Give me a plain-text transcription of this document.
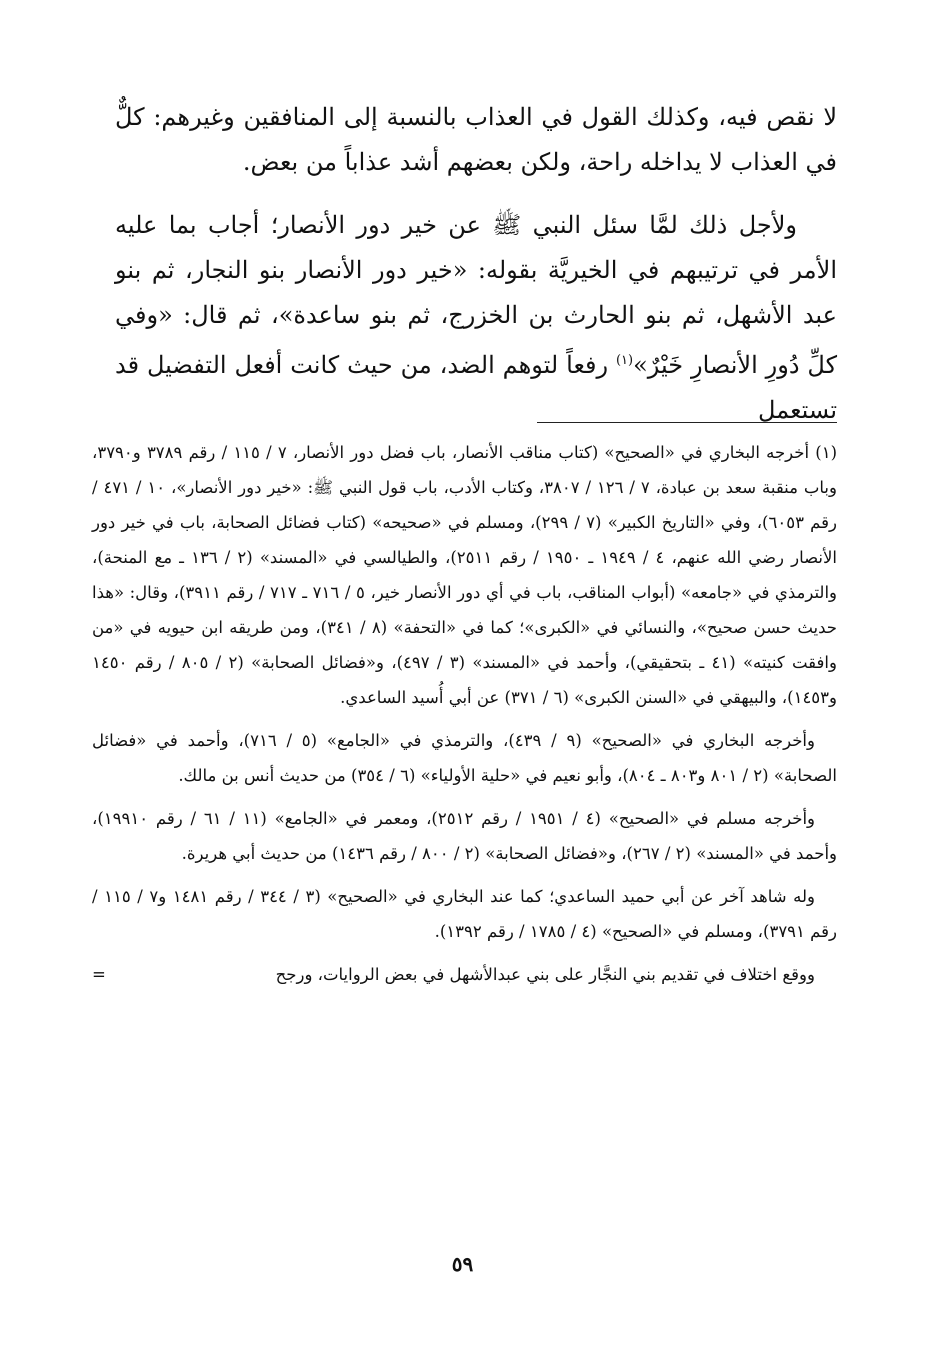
لا نقص فيه، وكذلك القول في العذاب بالنسبة إلى المنافقين وغيرهم: كلٌّ في العذاب لا يداخله راحة، ولكن بعضهم أشد عذاباً من بعض.

ولأجل ذلك لمَّا سئل النبي ﷺ عن خير دور الأنصار؛ أجاب بما عليه الأمر في ترتيبهم في الخيريَّة بقوله: «خير دور الأنصار بنو النجار، ثم بنو عبد الأشهل، ثم بنو الحارث بن الخزرج، ثم بنو ساعدة»، ثم قال: «وفي كلِّ دُورِ الأنصارِ خَيْرٌ»$^{(١)}$ رفعاً لتوهم الضد، من حيث كانت أفعل التفضيل قد تستعمل

(١) أخرجه البخاري في «الصحيح» (كتاب مناقب الأنصار، باب فضل دور الأنصار، ٧ / ١١٥ / رقم ٣٧٨٩ و٣٧٩٠، وباب منقبة سعد بن عبادة، ٧ / ١٢٦ / ٣٨٠٧، وكتاب الأدب، باب قول النبي ﷺ: «خير دور الأنصار»، ١٠ / ٤٧١ / رقم ٦٠٥٣)، وفي «التاريخ الكبير» (٧ / ٢٩٩)، ومسلم في «صحيحه» (كتاب فضائل الصحابة، باب في خير دور الأنصار رضي الله عنهم، ٤ / ١٩٤٩ ـ ١٩٥٠ / رقم ٢٥١١)، والطيالسي في «المسند» (٢ / ١٣٦ ـ مع المنحة)، والترمذي في «جامعه» (أبواب المناقب، باب في أي دور الأنصار خير، ٥ / ٧١٦ ـ ٧١٧ / رقم ٣٩١١)، وقال: «هذا حديث حسن صحيح»، والنسائي في «الكبرى»؛ كما في «التحفة» (٨ / ٣٤١)، ومن طريقه ابن حيويه في «من وافقت كنيته» (٤١ ـ بتحقيقي)، وأحمد في «المسند» (٣ / ٤٩٧)، و«فضائل الصحابة» (٢ / ٨٠٥ / رقم ١٤٥٠ و١٤٥٣)، والبيهقي في «السنن الكبرى» (٦ / ٣٧١) عن أبي أُسيد الساعدي.

وأخرجه البخاري في «الصحيح» (٩ / ٤٣٩)، والترمذي في «الجامع» (٥ / ٧١٦)، وأحمد في «فضائل الصحابة» (٢ / ٨٠١ و٨٠٣ ـ ٨٠٤)، وأبو نعيم في «حلية الأولياء» (٦ / ٣٥٤) من حديث أنس بن مالك.

وأخرجه مسلم في «الصحيح» (٤ / ١٩٥١ / رقم ٢٥١٢)، ومعمر في «الجامع» (١١ / ٦١ / رقم ١٩٩١٠)، وأحمد في «المسند» (٢ / ٢٦٧)، و«فضائل الصحابة» (٢ / ٨٠٠ / رقم ١٤٣٦) من حديث أبي هريرة.

وله شاهد آخر عن أبي حميد الساعدي؛ كما عند البخاري في «الصحيح» (٣ / ٣٤٤ / رقم ١٤٨١ و٧ / ١١٥ / رقم ٣٧٩١)، ومسلم في «الصحيح» (٤ / ١٧٨٥ / رقم ١٣٩٢).

ووقع اختلاف في تقديم بني النجَّار على بني عبدالأشهل في بعض الروايات، ورجح
=

٥٩
